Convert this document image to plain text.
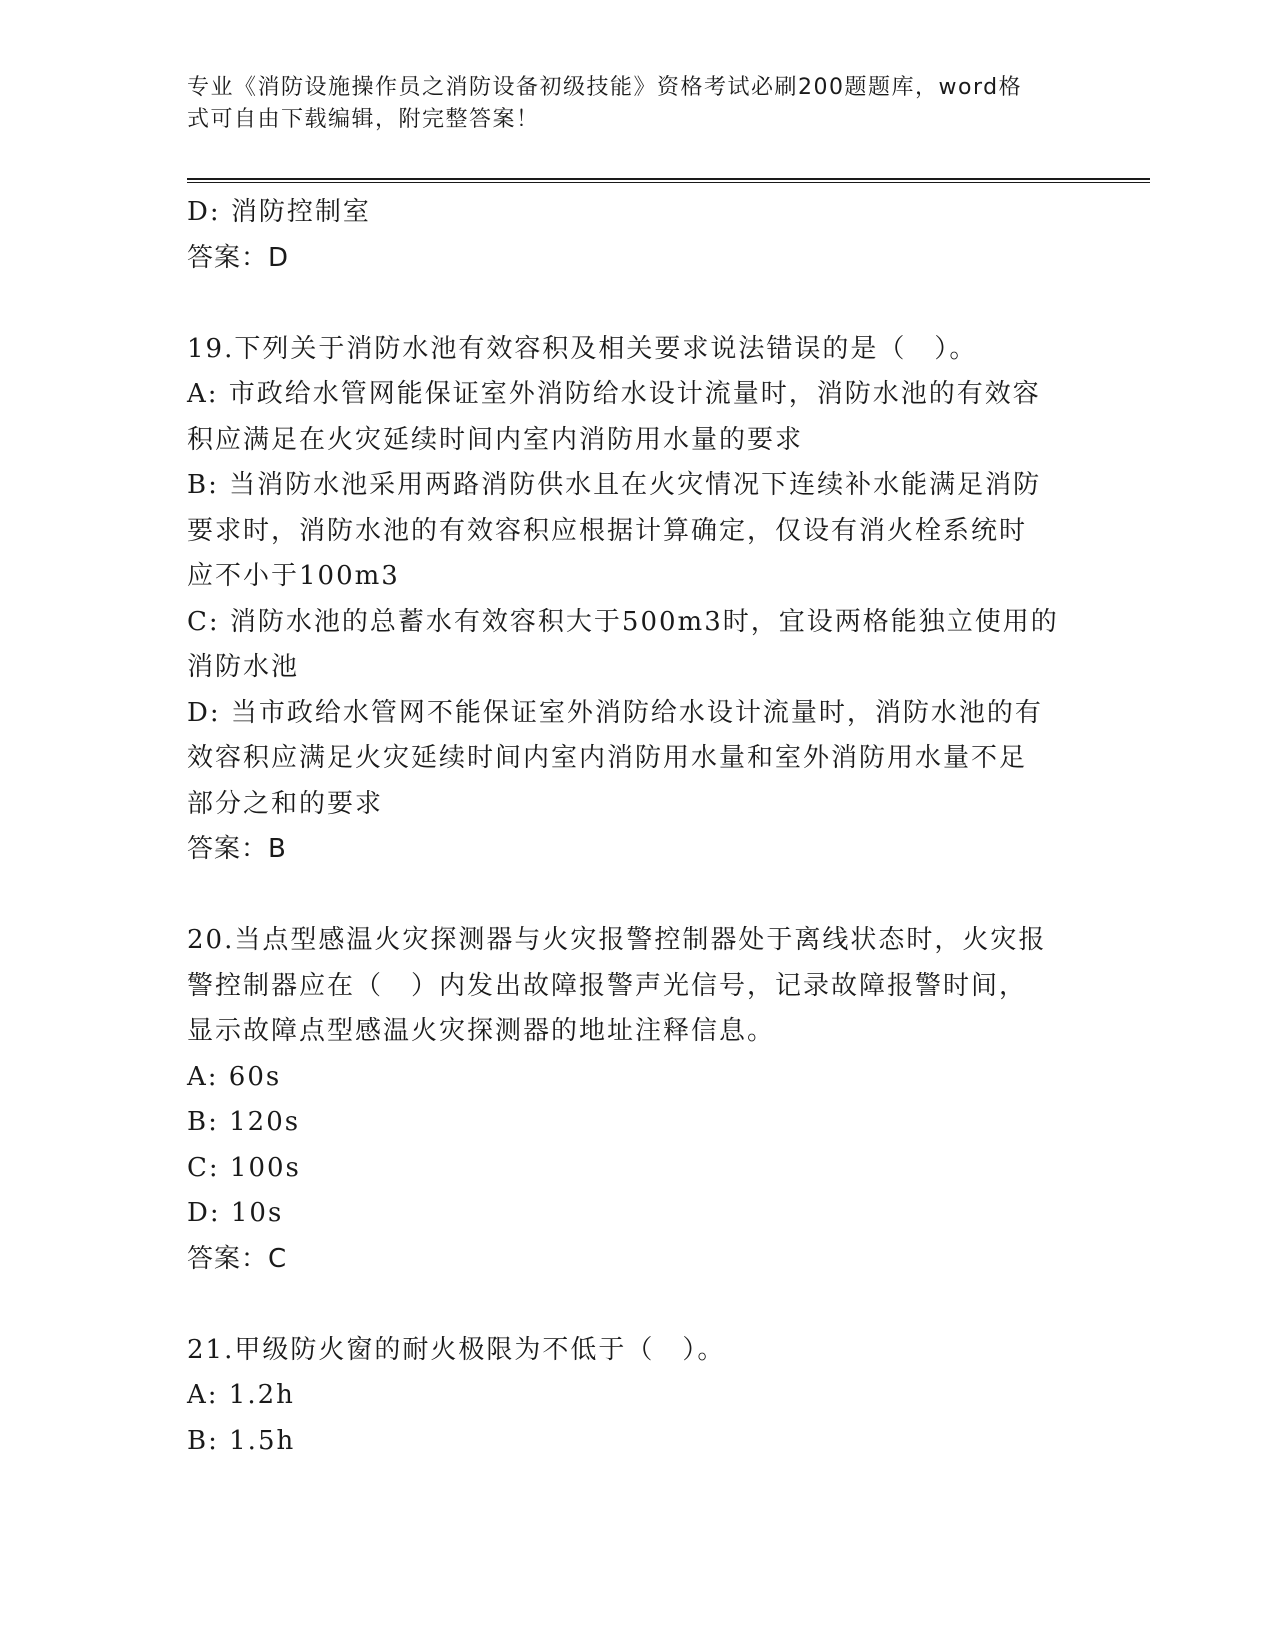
专业《消防设施操作员之消防设备初级技能》资格考试必刷200题题库，word格
式可自由下载编辑，附完整答案！

D: 消防控制室

答案：D

19.下列关于消防水池有效容积及相关要求说法错误的是（　）。

A: 市政给水管网能保证室外消防给水设计流量时，消防水池的有效容

积应满足在火灾延续时间内室内消防用水量的要求

B: 当消防水池采用两路消防供水且在火灾情况下连续补水能满足消防

要求时，消防水池的有效容积应根据计算确定，仅设有消火栓系统时

应不小于100m3

C: 消防水池的总蓄水有效容积大于500m3时，宜设两格能独立使用的

消防水池

D: 当市政给水管网不能保证室外消防给水设计流量时，消防水池的有

效容积应满足火灾延续时间内室内消防用水量和室外消防用水量不足

部分之和的要求

答案：B

20.当点型感温火灾探测器与火灾报警控制器处于离线状态时，火灾报

警控制器应在（　）内发出故障报警声光信号，记录故障报警时间，

显示故障点型感温火灾探测器的地址注释信息。

A: 60s

B: 120s

C: 100s

D: 10s

答案：C

21.甲级防火窗的耐火极限为不低于（　）。

A: 1.2h

B: 1.5h
